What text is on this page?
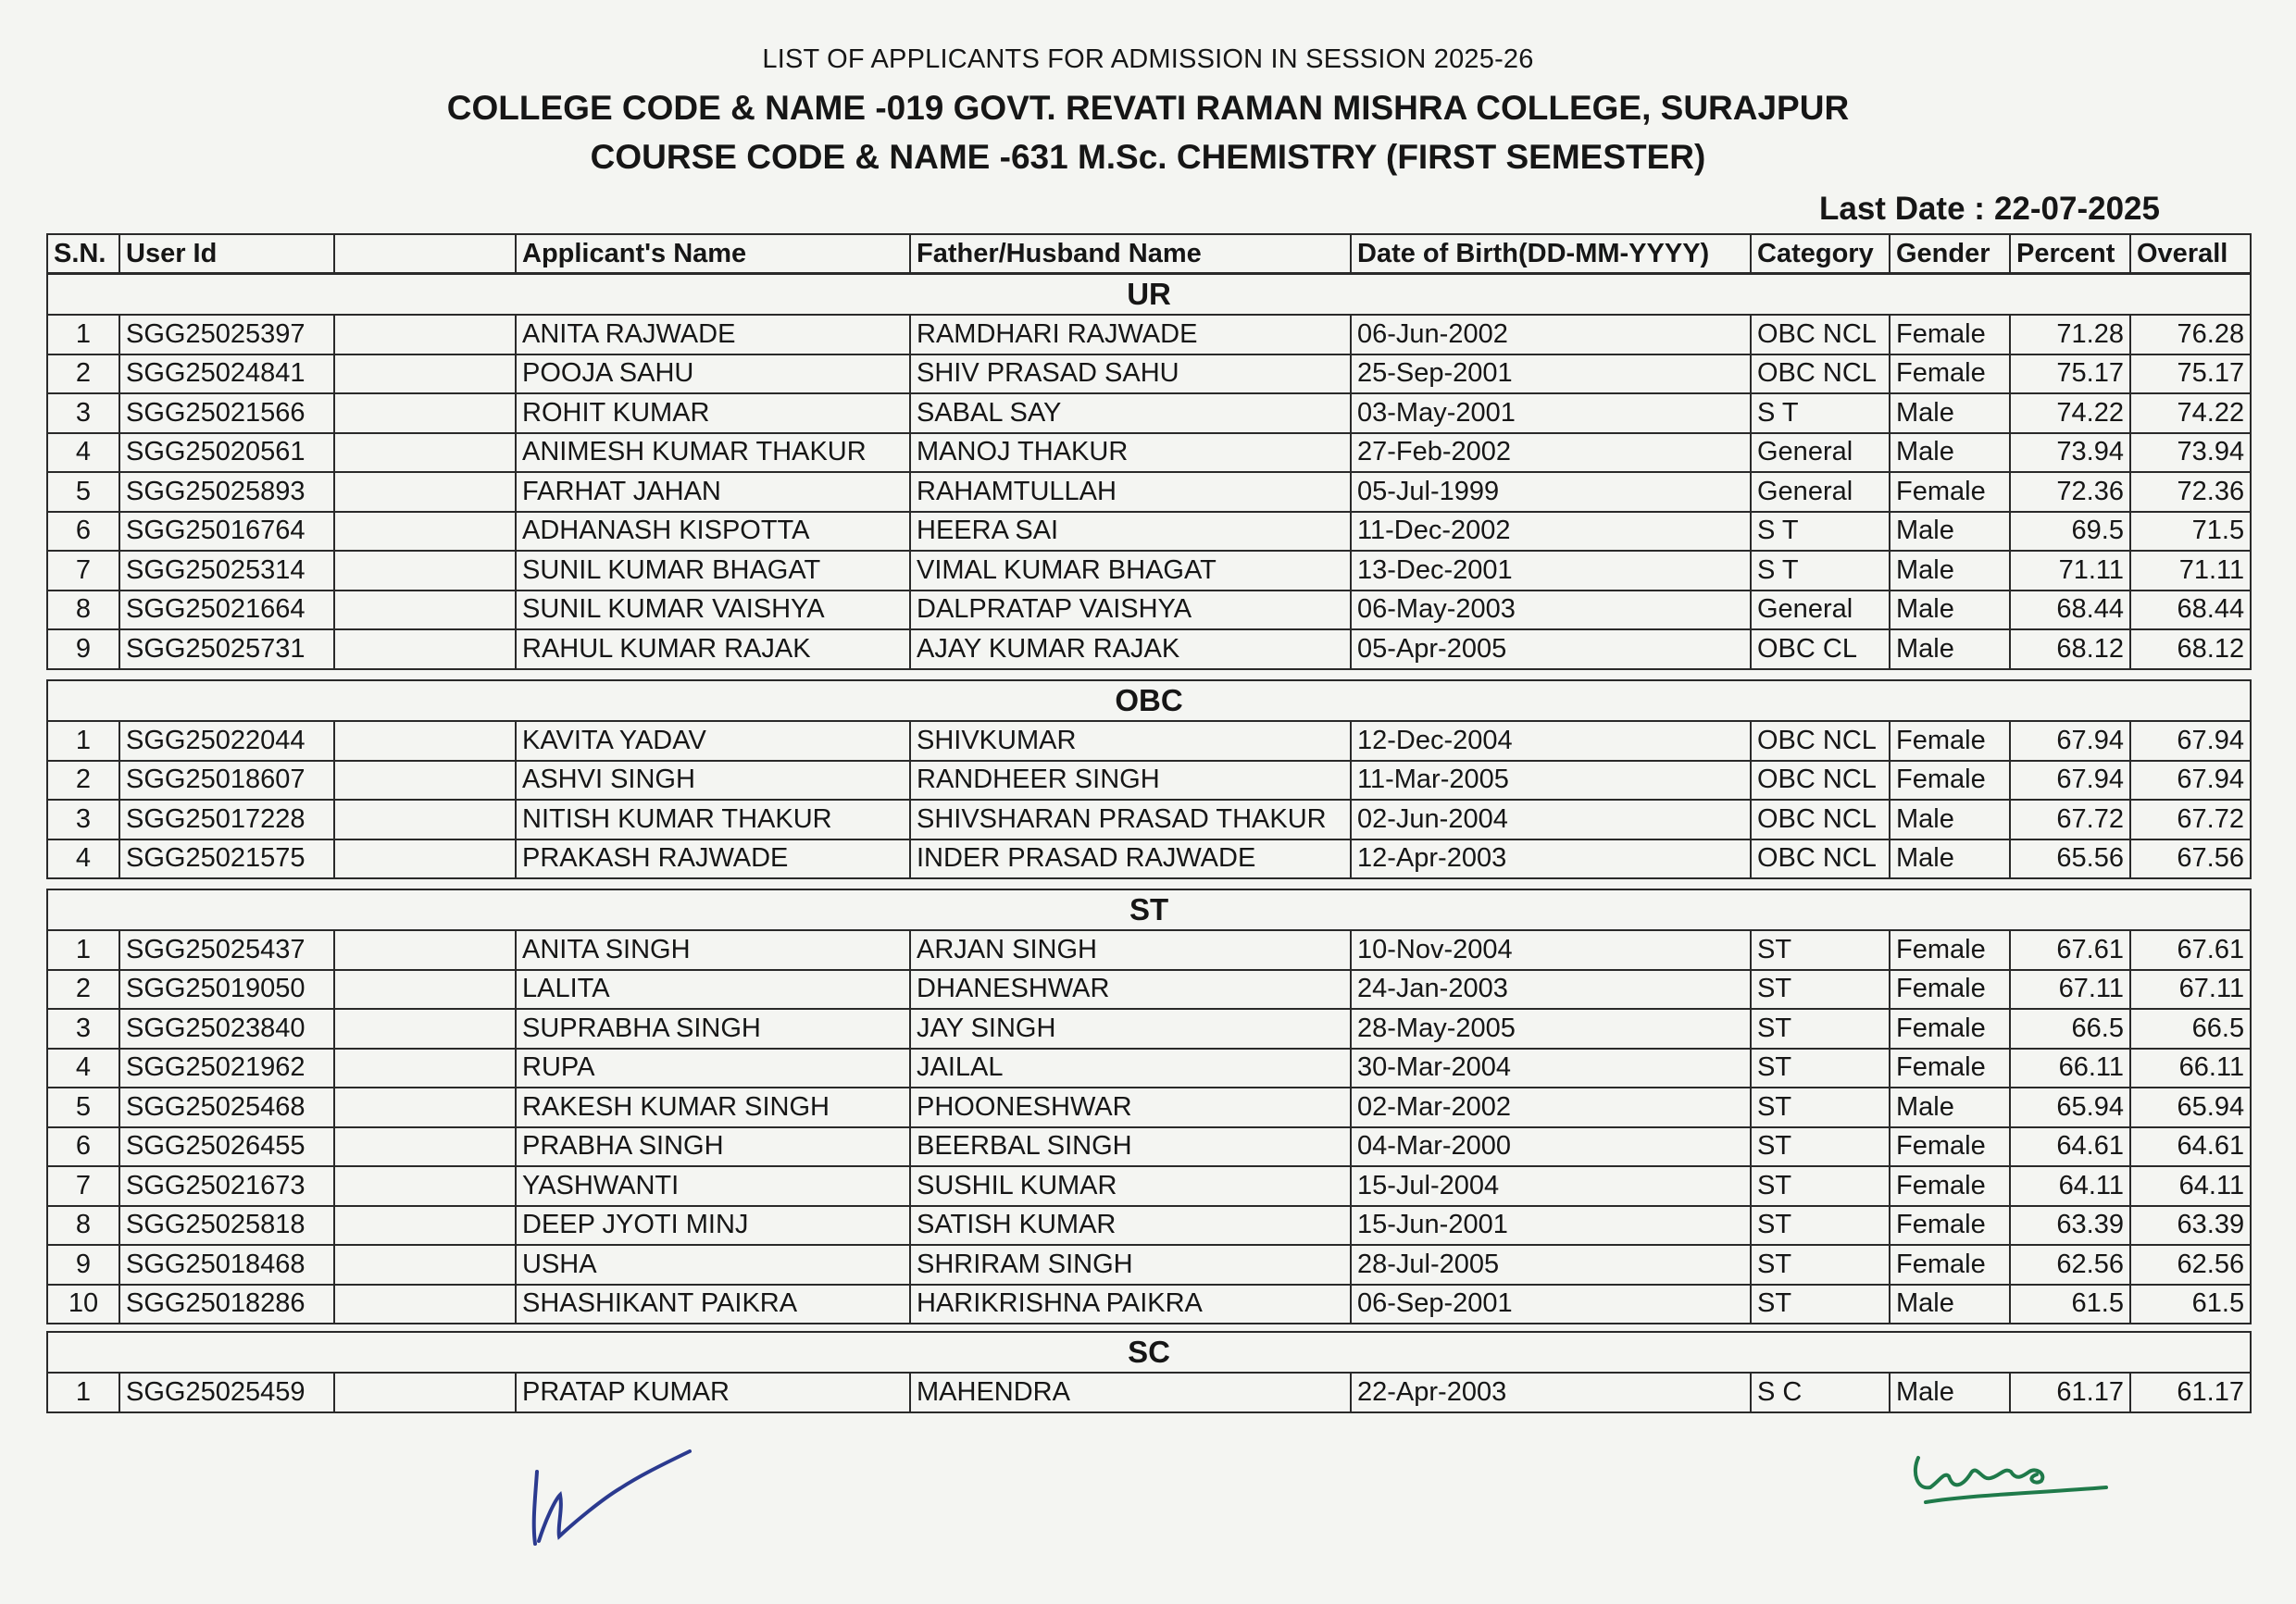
LIST OF APPLICANTS FOR ADMISSION IN SESSION 2025-26
COLLEGE CODE & NAME -019 GOVT. REVATI RAMAN MISHRA COLLEGE, SURAJPUR
COURSE CODE & NAME -631 M.Sc. CHEMISTRY (FIRST SEMESTER)
Last Date : 22-07-2025
S.N.	User Id		Applicant's Name	Father/Husband Name	Date of Birth(DD-MM-YYYY)	Category	Gender	Percent	Overall
UR									
1	SGG25025397		ANITA RAJWADE	RAMDHARI RAJWADE	06-Jun-2002	OBC NCL	Female	71.28	76.28
2	SGG25024841		POOJA SAHU	SHIV PRASAD SAHU	25-Sep-2001	OBC NCL	Female	75.17	75.17
3	SGG25021566		ROHIT KUMAR	SABAL SAY	03-May-2001	S T	Male	74.22	74.22
4	SGG25020561		ANIMESH KUMAR THAKUR	MANOJ THAKUR	27-Feb-2002	General	Male	73.94	73.94
5	SGG25025893		FARHAT JAHAN	RAHAMTULLAH	05-Jul-1999	General	Female	72.36	72.36
6	SGG25016764		ADHANASH KISPOTTA	HEERA SAI	11-Dec-2002	S T	Male	69.5	71.5
7	SGG25025314		SUNIL KUMAR BHAGAT	VIMAL KUMAR BHAGAT	13-Dec-2001	S T	Male	71.11	71.11
8	SGG25021664		SUNIL KUMAR VAISHYA	DALPRATAP VAISHYA	06-May-2003	General	Male	68.44	68.44
9	SGG25025731		RAHUL KUMAR RAJAK	AJAY KUMAR RAJAK	05-Apr-2005	OBC CL	Male	68.12	68.12
OBC									
1	SGG25022044		KAVITA YADAV	SHIVKUMAR	12-Dec-2004	OBC NCL	Female	67.94	67.94
2	SGG25018607		ASHVI SINGH	RANDHEER SINGH	11-Mar-2005	OBC NCL	Female	67.94	67.94
3	SGG25017228		NITISH KUMAR THAKUR	SHIVSHARAN PRASAD THAKUR	02-Jun-2004	OBC NCL	Male	67.72	67.72
4	SGG25021575		PRAKASH RAJWADE	INDER PRASAD RAJWADE	12-Apr-2003	OBC NCL	Male	65.56	67.56
ST									
1	SGG25025437		ANITA SINGH	ARJAN SINGH	10-Nov-2004	ST	Female	67.61	67.61
2	SGG25019050		LALITA	DHANESHWAR	24-Jan-2003	ST	Female	67.11	67.11
3	SGG25023840		SUPRABHA SINGH	JAY SINGH	28-May-2005	ST	Female	66.5	66.5
4	SGG25021962		RUPA	JAILAL	30-Mar-2004	ST	Female	66.11	66.11
5	SGG25025468		RAKESH KUMAR SINGH	PHOONESHWAR	02-Mar-2002	ST	Male	65.94	65.94
6	SGG25026455		PRABHA SINGH	BEERBAL SINGH	04-Mar-2000	ST	Female	64.61	64.61
7	SGG25021673		YASHWANTI	SUSHIL KUMAR	15-Jul-2004	ST	Female	64.11	64.11
8	SGG25025818		DEEP JYOTI MINJ	SATISH KUMAR	15-Jun-2001	ST	Female	63.39	63.39
9	SGG25018468		USHA	SHRIRAM SINGH	28-Jul-2005	ST	Female	62.56	62.56
10	SGG25018286		SHASHIKANT PAIKRA	HARIKRISHNA PAIKRA	06-Sep-2001	ST	Male	61.5	61.5
SC
1	SGG25025459		PRATAP KUMAR	MAHENDRA	22-Apr-2003	S C	Male	61.17	61.17
